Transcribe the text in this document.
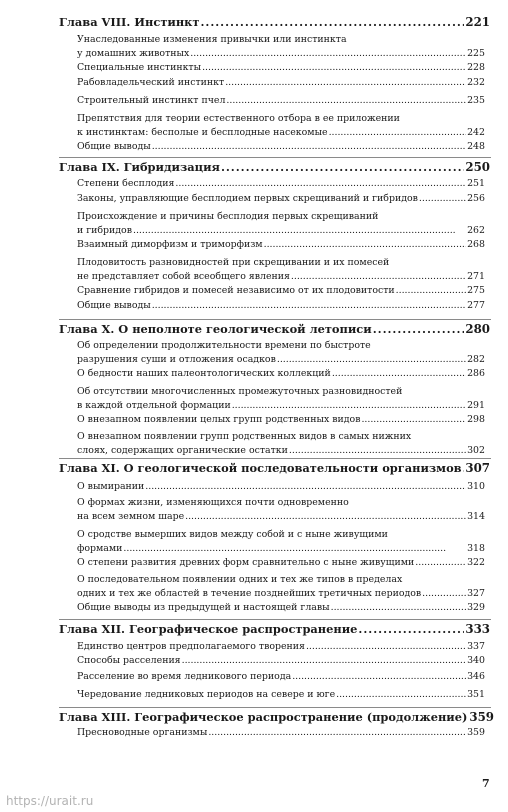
Глава VIII. Инстинкт . . .	221
Унаследованные изменения привычки или инстинкта
у домашних животных . . .	225
Специальные инстинкты . . .	228
Рабовладельческий инстинкт . . .	232
Строительный инстинкт пчел . . .	235
Препятствия для теории естественного отбора в ее приложении
к инстинктам: бесполые и бесплодные насекомые . . .	242
Общие выводы . . .	248
Глава IX. Гибридизация . . .	250
Степени бесплодия . . .	251
Законы, управляющие бесплодием первых скрещиваний и гибридов . . .	256
Происхождение и причины бесплодия первых скрещиваний
и гибридов . . .	262
Взаимный диморфизм и триморфизм . . .	268
Плодовитость разновидностей при скрещивании и их помесей
не представляет собой всеобщего явления . . .	271
Сравнение гибридов и помесей независимо от их плодовитости . . .	275
Общие выводы . . .	277
Глава X. О неполноте геологической летописи . . .	280
Об определении продолжительности времени по быстроте
разрушения суши и отложения осадков . . .	282
О бедности наших палеонтологических коллекций . . .	286
Об отсутствии многочисленных промежуточных разновидностей
в каждой отдельной формации . . .	291
О внезапном появлении целых групп родственных видов . . .	298
О внезапном появлении групп родственных видов в самых нижних
слоях, содержащих органические остатки . . .	302
Глава XI. О геологической последовательности организмов . . . 307
О вымирании . . .	310
О формах жизни, изменяющихся почти одновременно
на всем земном шаре . . .	314
О сродстве вымерших видов между собой и с ныне живущими
формами . . .	318
О степени развития древних форм сравнительно с ныне живущими . . .	322
О последовательном появлении одних и тех же типов в пределах
одних и тех же областей в течение позднейших третичных периодов . . .	327
Общие выводы из предыдущей и настоящей главы . . .	329
Глава XII. Географическое распространение . . .	333
Единство центров предполагаемого творения . . .	337
Способы расселения . . .	340
Расселение во время ледникового периода . . .	346
Чередование ледниковых периодов на севере и юге . . .	351
Глава XIII. Географическое распространение (продолжение) 359
Пресноводные организмы . . .	359
7
https://urait.ru
